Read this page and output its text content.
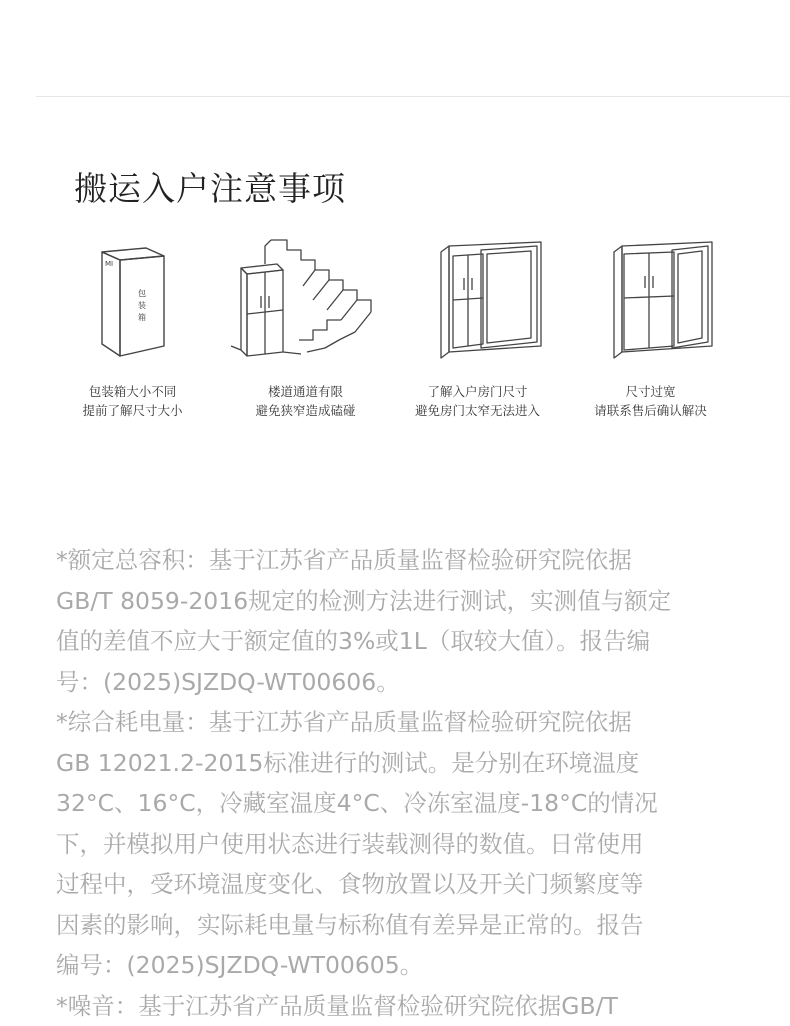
搬运入户注意事项
MI
包
装
箱
包装箱大小不同
提前了解尺寸大小
楼道通道有限
避免狭窄造成磕碰
了解入户房门尺寸
避免房门太窄无法进入
尺寸过宽
请联系售后确认解决

*额定总容积：基于江苏省产品质量监督检验研究院依据
GB/T 8059-2016规定的检测方法进行测试，实测值与额定
值的差值不应大于额定值的3%或1L（取较大值）。报告编
号：(2025)SJZDQ-WT00606。

*综合耗电量：基于江苏省产品质量监督检验研究院依据
GB 12021.2-2015标准进行的测试。是分别在环境温度
32°C、16°C，冷藏室温度4°C、冷冻室温度-18°C的情况
下，并模拟用户使用状态进行装载测得的数值。日常使用
过程中，受环境温度变化、食物放置以及开关门频繁度等
因素的影响，实际耗电量与标称值有差异是正常的。报告
编号：(2025)SJZDQ-WT00605。

*噪音：基于江苏省产品质量监督检验研究院依据GB/T
